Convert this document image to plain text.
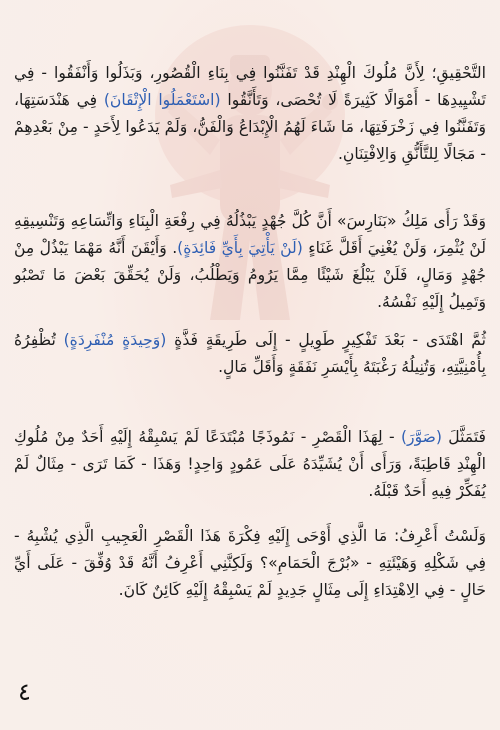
التَّحْقِيقِ؛ لِأَنَّ مُلُوكَ الْهِنْدِ قَدْ تَفَنَّنُوا فِي بِنَاءِ الْقُصُورِ، وَبَذَلُوا وَأَنْفَقُوا - فِي تَشْيِيدِهَا - أَمْوَالًا كَثِيرَةً لَا تُحْصَى، وَتَأَنَّقُوا (اسْتَعْمَلُوا الْإِتْقَانَ) فِي هَنْدَسَتِهَا، وَتَفَنَّنُوا فِي زَخْرَفَتِهَا، مَا شَاءَ لَهُمُ الْإِبْدَاعُ وَالْفَنُّ، وَلَمْ يَدَعُوا لِأَحَدٍ - مِنْ بَعْدِهِمْ - مَجَالًا لِلتَّأَنُّقِ وَالِافْتِنَانِ.

وَقَدْ رَأَى مَلِكُ «بَنَارِسَ» أَنَّ كُلَّ جُهْدٍ يَبْذُلُهُ فِي رِفْعَةِ الْبِنَاءِ وَاتِّسَاعِهِ وَتَنْسِيقِهِ لَنْ يُثْمِرَ، وَلَنْ يُغْنِيَ أَقَلَّ غَنَاءٍ (لَنْ يَأْتِيَ بِأَيِّ فَائِدَةٍ). وَأَيْقَنَ أَنَّهُ مَهْمَا يَبْذُلْ مِنْ جُهْدٍ وَمَالٍ، فَلَنْ يَبْلُغَ شَيْئًا مِمَّا يَرُومُ وَيَطْلُبُ، وَلَنْ يُحَقِّقَ بَعْضَ مَا تَصْبُو وَتَمِيلُ إِلَيْهِ نَفْسُهُ.

ثُمَّ اهْتَدَى - بَعْدَ تَفْكِيرٍ طَوِيلٍ - إِلَى طَرِيقَةٍ فَذَّةٍ (وَحِيدَةٍ مُنْفَرِدَةٍ) تُظْفِرُهُ بِأُمْنِيَّتِهِ، وَتُنِيلُهُ رَغْبَتَهُ بِأَيْسَرِ نَفَقَةٍ وَأَقَلِّ مَالٍ.

فَتَمَثَّلَ (صَوَّرَ) - لِهَذَا الْقَصْرِ - نَمُوذَجًا مُبْتَدَعًا لَمْ يَسْبِقْهُ إِلَيْهِ أَحَدٌ مِنْ مُلُوكِ الْهِنْدِ قَاطِبَةً، وَرَأَى أَنْ يُشَيِّدَهُ عَلَى عَمُودٍ وَاحِدٍ! وَهَذَا - كَمَا تَرَى - مِثَالٌ لَمْ يُفَكِّرْ فِيهِ أَحَدٌ قَبْلَهُ.

وَلَسْتُ أَعْرِفُ: مَا الَّذِي أَوْحَى إِلَيْهِ فِكْرَةَ هَذَا الْقَصْرِ الْعَجِيبِ الَّذِي يُشْبِهُ - فِي شَكْلِهِ وَهَيْئَتِهِ - «بُرْجَ الْحَمَامِ»؟ وَلَكِنَّنِي أَعْرِفُ أَنَّهُ قَدْ وُفِّقَ - عَلَى أَيِّ حَالٍ - فِي الِاهْتِدَاءِ إِلَى مِثَالٍ جَدِيدٍ لَمْ يَسْبِقْهُ إِلَيْهِ كَائِنٌ كَانَ.

٤
